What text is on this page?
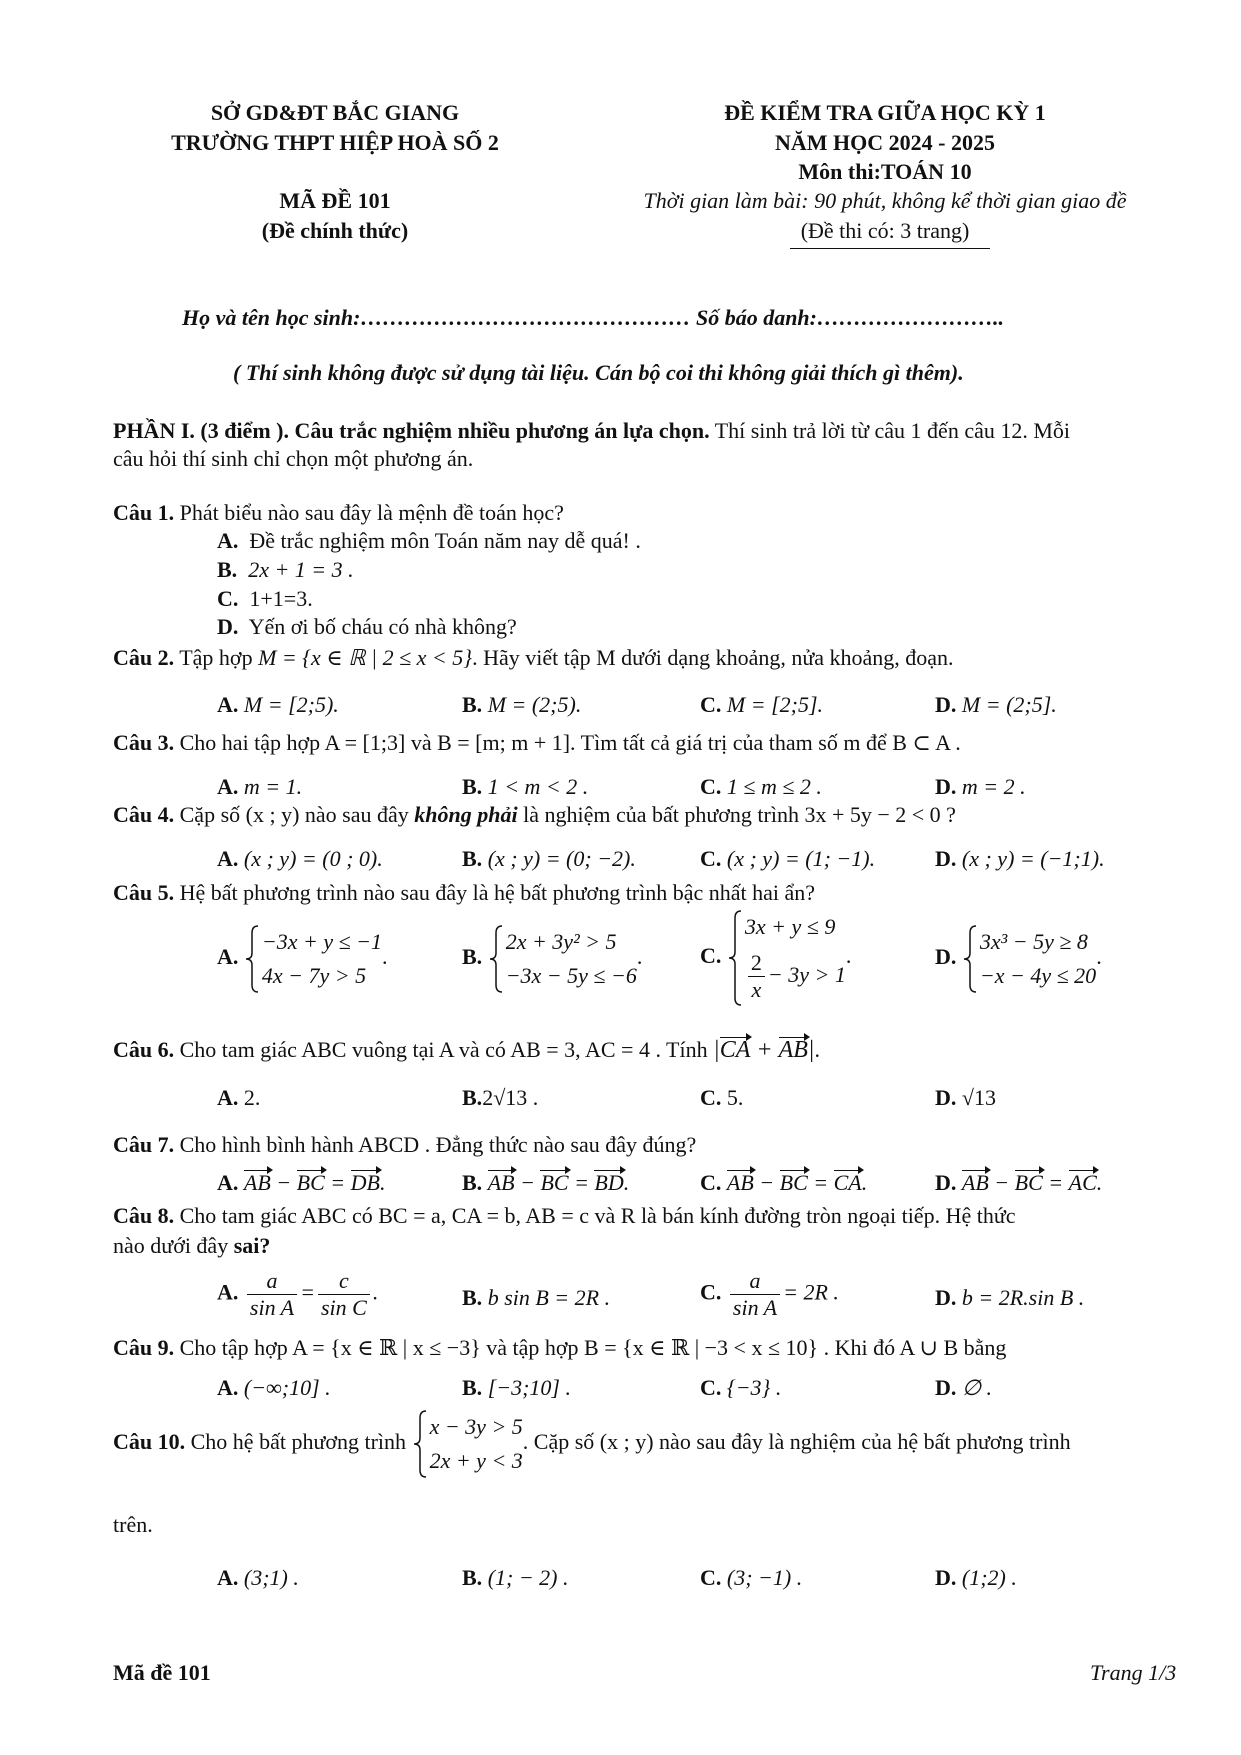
SỞ GD&ĐT BẮC GIANG
TRƯỜNG THPT HIỆP HOÀ SỐ 2
MÃ ĐỀ 101
(Đề chính thức)
ĐỀ KIỂM TRA GIỮA HỌC KỲ 1
NĂM HỌC 2024 - 2025
Môn thi:TOÁN 10
Thời gian làm bài: 90 phút, không kể thời gian giao đề
(Đề thi có: 3 trang)
Họ và tên học sinh:……………………………………… Số báo danh:……………………..
( Thí sinh không được sử dụng tài liệu. Cán bộ coi thi không giải thích gì thêm).
PHẦN I. (3 điểm ). Câu trắc nghiệm nhiều phương án lựa chọn. Thí sinh trả lời từ câu 1 đến câu 12. Mỗi
câu hỏi thí sinh chỉ chọn một phương án.
Câu 1. Phát biểu nào sau đây là mệnh đề toán học?
A. Đề trắc nghiệm môn Toán năm nay dễ quá! .
B. 2x + 1 = 3 .
C. 1+1=3.
D. Yến ơi bố cháu có nhà không?
Câu 2. Tập hợp M = {x ∈ ℝ | 2 ≤ x < 5}. Hãy viết tập M dưới dạng khoảng, nửa khoảng, đoạn.
A. M = [2;5).	B. M = (2;5).	C. M = [2;5].	D. M = (2;5].
Câu 3. Cho hai tập hợp A = [1;3] và B = [m; m + 1]. Tìm tất cả giá trị của tham số m để B ⊂ A .
A. m = 1.	B. 1 < m < 2 .	C. 1 ≤ m ≤ 2 .	D. m = 2 .
Câu 4. Cặp số (x ; y) nào sau đây không phải là nghiệm của bất phương trình 3x + 5y − 2 < 0 ?
A. (x ; y) = (0 ; 0).	B. (x ; y) = (0; −2).	C. (x ; y) = (1; −1).	D. (x ; y) = (−1;1).
Câu 5. Hệ bất phương trình nào sau đây là hệ bất phương trình bậc nhất hai ẩn?
A.
−3x + y ≤ −1
4x − 7y > 5
.	B.
2x + 3y² > 5
−3x − 5y ≤ −6
.	C.
3x + y ≤ 9
$\frac{2}{x} - 3y > 1$
.	D.
3x³ − 5y ≥ 8
−x − 4y ≤ 20
.
Câu 6. Cho tam giác ABC vuông tại A và có AB = 3, AC = 4 . Tính |CA + AB|.
A. 2.	B.2√13 .	C. 5.	D. √13
Câu 7. Cho hình bình hành ABCD . Đẳng thức nào sau đây đúng?
A. AB − BC = DB.	B. AB − BC = BD.	C. AB − BC = CA.	D. AB − BC = AC.
Câu 8. Cho tam giác ABC có BC = a, CA = b, AB = c và R là bán kính đường tròn ngoại tiếp. Hệ thức
nào dưới đây sai?
A. $\frac{a}{\text{sin A}} = \frac{c}{\text{sin C}}$ .	B. b sin B = 2R .	C. $\frac{a}{\text{sin A}} = 2R$ .	D. b = 2R.sin B .
Câu 9. Cho tập hợp A = {x ∈ ℝ | x ≤ −3} và tập hợp B = {x ∈ ℝ | −3 < x ≤ 10} . Khi đó A ∪ B bằng
A. (−∞;10] .	B. [−3;10] .	C. {−3} .	D. ∅ .
Câu 10. Cho hệ bất phương trình
x − 3y > 5
2x + y < 3
. Cặp số (x ; y) nào sau đây là nghiệm của hệ bất phương trình
trên.
A. (3;1) .	B. (1; − 2) .	C. (3; −1) .	D. (1;2) .
Mã đề 101	Trang 1/3
